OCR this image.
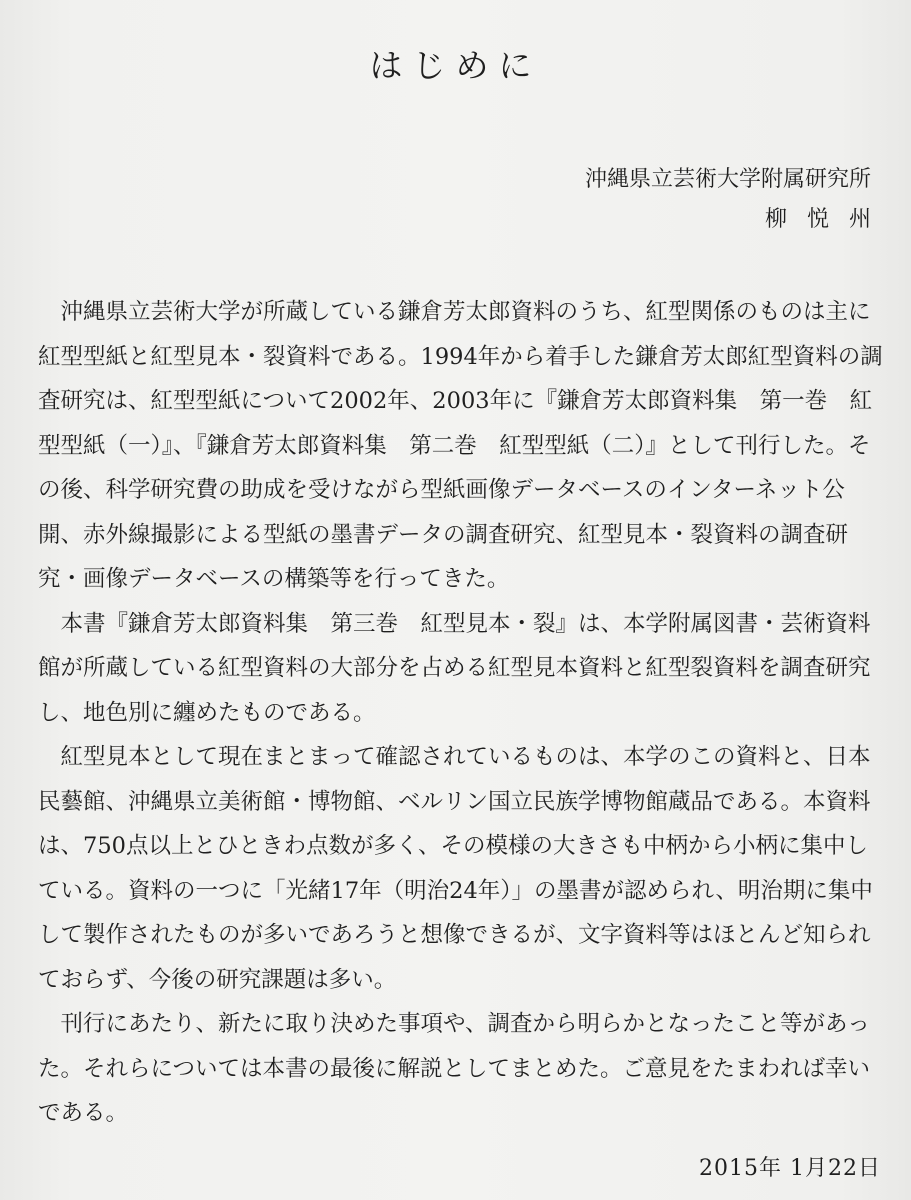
はじめに
沖縄県立芸術大学附属研究所
柳悦州

沖縄県立芸術大学が所蔵している鎌倉芳太郎資料のうち、紅型関係のものは主に紅型型紙と紅型見本・裂資料である。1994年から着手した鎌倉芳太郎紅型資料の調査研究は、紅型型紙について2002年、2003年に『鎌倉芳太郎資料集　第一巻　紅型型紙（一）』、『鎌倉芳太郎資料集　第二巻　紅型型紙（二）』として刊行した。その後、科学研究費の助成を受けながら型紙画像データベースのインターネット公開、赤外線撮影による型紙の墨書データの調査研究、紅型見本・裂資料の調査研究・画像データベースの構築等を行ってきた。

本書『鎌倉芳太郎資料集　第三巻　紅型見本・裂』は、本学附属図書・芸術資料館が所蔵している紅型資料の大部分を占める紅型見本資料と紅型裂資料を調査研究し、地色別に纏めたものである。

紅型見本として現在まとまって確認されているものは、本学のこの資料と、日本民藝館、沖縄県立美術館・博物館、ベルリン国立民族学博物館蔵品である。本資料は、750点以上とひときわ点数が多く、その模様の大きさも中柄から小柄に集中している。資料の一つに「光緒17年（明治24年）」の墨書が認められ、明治期に集中して製作されたものが多いであろうと想像できるが、文字資料等はほとんど知られておらず、今後の研究課題は多い。

刊行にあたり、新たに取り決めた事項や、調査から明らかとなったこと等があった。それらについては本書の最後に解説としてまとめた。ご意見をたまわれば幸いである。

2015年 1月22日
